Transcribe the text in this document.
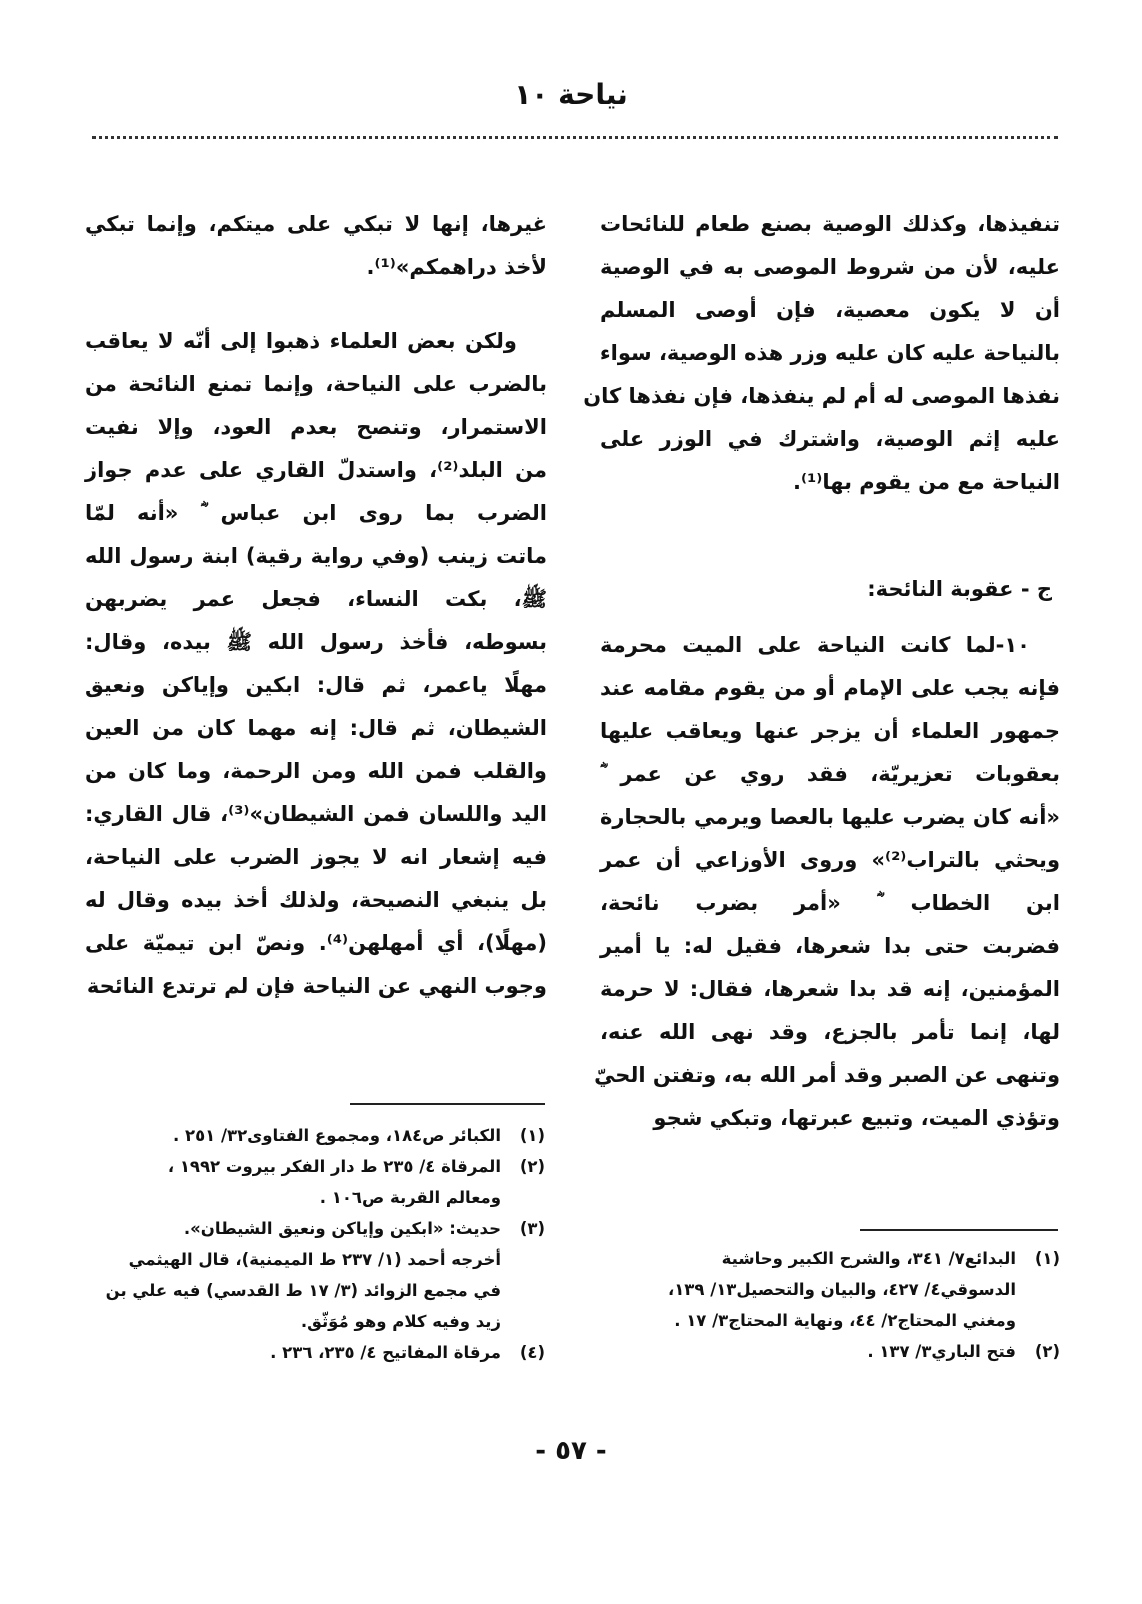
نياحة ١٠
تنفيذها، وكذلك الوصية بصنع طعام للنائحات
عليه، لأن من شروط الموصى به في الوصية
أن لا يكون معصية، فإن أوصى المسلم
بالنياحة عليه كان عليه وزر هذه الوصية، سواء
نفذها الموصى له أم لم ينفذها، فإن نفذها كان
عليه إثم الوصية، واشترك في الوزر على
النياحة مع من يقوم بها⁽¹⁾.
ج - عقوبة النائحة:
١٠-لما كانت النياحة على الميت محرمة
فإنه يجب على الإمام أو من يقوم مقامه عند
جمهور العلماء أن يزجر عنها ويعاقب عليها
بعقوبات تعزيريّة، فقد روي عن عمر ؓ
«أنه كان يضرب عليها بالعصا ويرمي بالحجارة
ويحثي بالتراب⁽²⁾» وروى الأوزاعي أن عمر
ابن الخطاب ؓ «أمر بضرب نائحة،
فضربت حتى بدا شعرها، فقيل له: يا أمير
المؤمنين، إنه قد بدا شعرها، فقال: لا حرمة
لها، إنما تأمر بالجزع، وقد نهى الله عنه،
وتنهى عن الصبر وقد أمر الله به، وتفتن الحيّ
وتؤذي الميت، وتبيع عبرتها، وتبكي شجو
غيرها، إنها لا تبكي على ميتكم، وإنما تبكي
لأخذ دراهمكم»⁽¹⁾.
ولكن بعض العلماء ذهبوا إلى أنّه لا يعاقب
بالضرب على النياحة، وإنما تمنع النائحة من
الاستمرار، وتنصح بعدم العود، وإلا نفيت
من البلد⁽²⁾، واستدلّ القاري على عدم جواز
الضرب بما روى ابن عباس ؓ «أنه لمّا
ماتت زينب (وفي رواية رقية) ابنة رسول الله
ﷺ، بكت النساء، فجعل عمر يضربهن
بسوطه، فأخذ رسول الله ﷺ بيده، وقال:
مهلًا ياعمر، ثم قال: ابكين وإياكن ونعيق
الشيطان، ثم قال: إنه مهما كان من العين
والقلب فمن الله ومن الرحمة، وما كان من
اليد واللسان فمن الشيطان»⁽³⁾، قال القاري:
فيه إشعار انه لا يجوز الضرب على النياحة،
بل ينبغي النصيحة، ولذلك أخذ بيده وقال له
(مهلًا)، أي أمهلهن⁽⁴⁾. ونصّ ابن تيميّة على
وجوب النهي عن النياحة فإن لم ترتدع النائحة
(١)الكبائر ص١٨٤، ومجموع الفتاوى٣٢/ ٢٥١ .
(٢)المرقاة ٤/ ٢٣٥ ط دار الفكر بيروت ١٩٩٢ ،
ومعالم القربة ص١٠٦ .
(٣)حديث: «ابكين وإياكن ونعيق الشيطان».
أخرجه أحمد (١/ ٢٣٧ ط الميمنية)، قال الهيثمي
في مجمع الزوائد (٣/ ١٧ ط القدسي) فيه علي بن
زيد وفيه كلام وهو مُوَثّق.
(٤)مرقاة المفاتيح ٤/ ٢٣٥، ٢٣٦ .
(١)البدائع٧/ ٣٤١، والشرح الكبير وحاشية
الدسوقي٤/ ٤٢٧، والبيان والتحصيل١٣/ ١٣٩،
ومغني المحتاج٢/ ٤٤، ونهاية المحتاج٣/ ١٧ .
(٢)فتح الباري٣/ ١٣٧ .
- ٥٧ -
